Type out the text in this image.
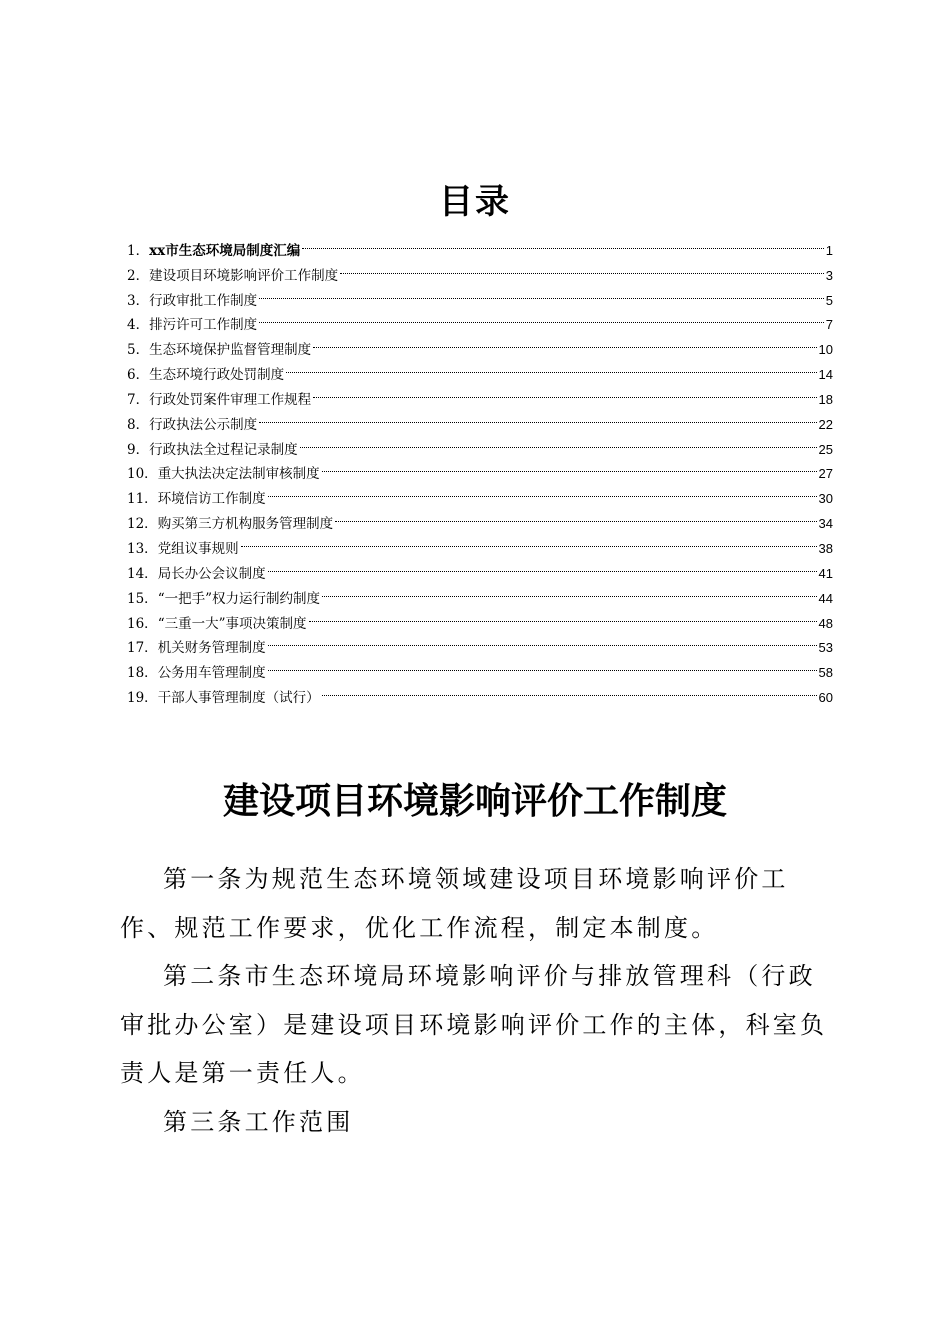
目录
1． xx市生态环境局制度汇编	1
2． 建设项目环境影响评价工作制度	3
3． 行政审批工作制度	5
4． 排污许可工作制度	7
5． 生态环境保护监督管理制度	10
6． 生态环境行政处罚制度	14
7． 行政处罚案件审理工作规程	18
8． 行政执法公示制度	22
9． 行政执法全过程记录制度	25
10． 重大执法决定法制审核制度	27
11． 环境信访工作制度	30
12． 购买第三方机构服务管理制度	34
13． 党组议事规则	38
14． 局长办公会议制度	41
15． “一把手”权力运行制约制度	44
16． “三重一大”事项决策制度	48
17． 机关财务管理制度	53
18． 公务用车管理制度	58
19． 干部人事管理制度（试行）	60
建设项目环境影响评价工作制度

第一条为规范生态环境领域建设项目环境影响评价工作、规范工作要求，优化工作流程，制定本制度。

第二条市生态环境局环境影响评价与排放管理科（行政审批办公室）是建设项目环境影响评价工作的主体，科室负责人是第一责任人。

第三条工作范围
